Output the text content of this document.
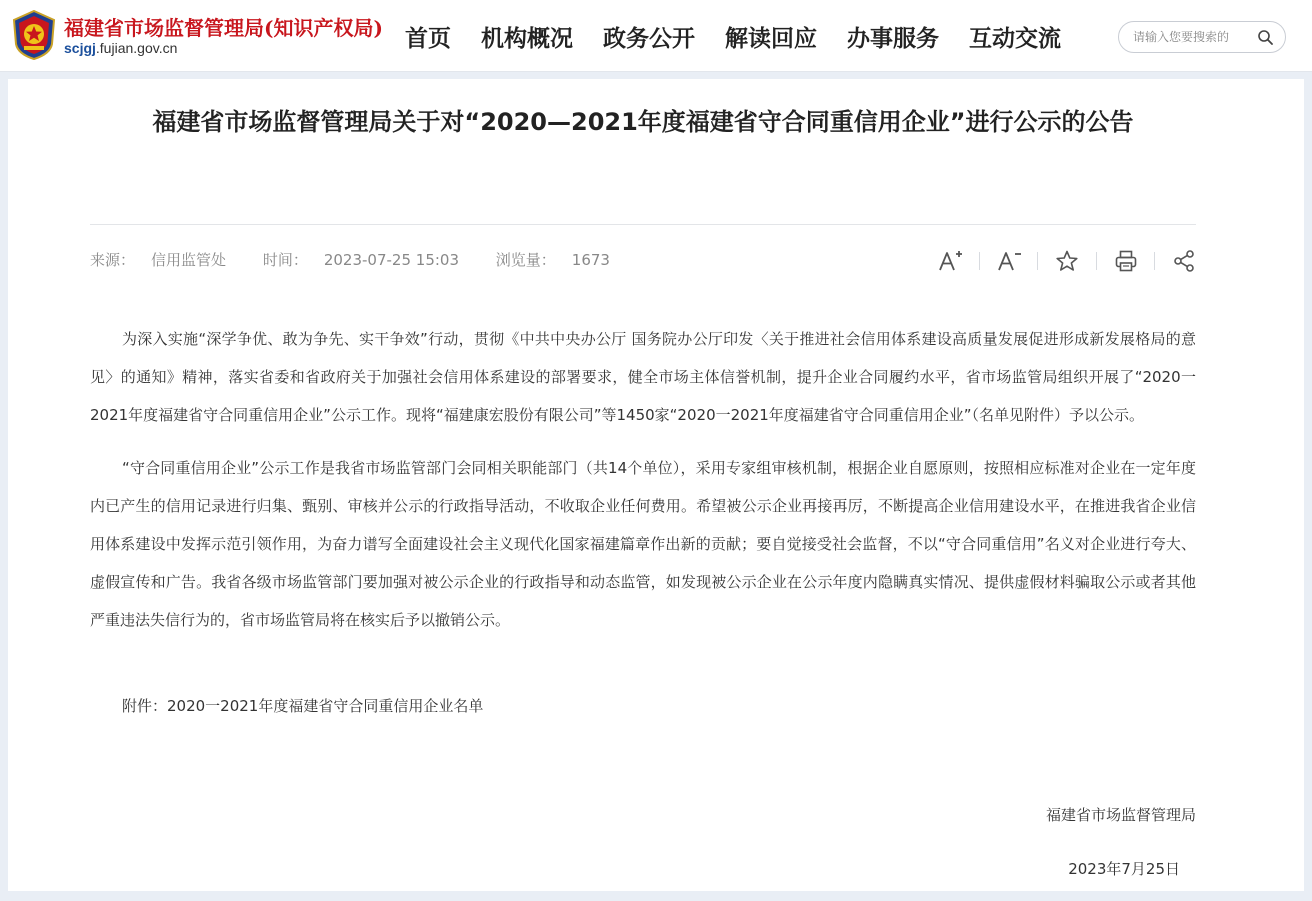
福建省市场监督管理局(知识产权局)
scjgj.fujian.gov.cn	首页 机构概况 政务公开 解读回应 办事服务 互动交流
请输入您要搜索的
福建省市场监督管理局关于对“2020—2021年度福建省守合同重信用企业”进行公示的公告
来源： 信用监管处 时间： 2023-07-25 15:03 浏览量： 1673

为深入实施“深学争优、敢为争先、实干争效”行动，贯彻《中共中央办公厅 国务院办公厅印发〈关于推进社会信用体系建设高质量发展促进形成新发展格局的意见〉的通知》精神，落实省委和省政府关于加强社会信用体系建设的部署要求，健全市场主体信誉机制，提升企业合同履约水平，省市场监管局组织开展了“2020一2021年度福建省守合同重信用企业”公示工作。现将“福建康宏股份有限公司”等1450家“2020一2021年度福建省守合同重信用企业”（名单见附件）予以公示。

“守合同重信用企业”公示工作是我省市场监管部门会同相关职能部门（共14个单位），采用专家组审核机制，根据企业自愿原则，按照相应标准对企业在一定年度内已产生的信用记录进行归集、甄别、审核并公示的行政指导活动，不收取企业任何费用。希望被公示企业再接再厉，不断提高企业信用建设水平，在推进我省企业信用体系建设中发挥示范引领作用，为奋力谱写全面建设社会主义现代化国家福建篇章作出新的贡献；要自觉接受社会监督，不以“守合同重信用”名义对企业进行夸大、虚假宣传和广告。我省各级市场监管部门要加强对被公示企业的行政指导和动态监管，如发现被公示企业在公示年度内隐瞒真实情况、提供虚假材料骗取公示或者其他严重违法失信行为的，省市场监管局将在核实后予以撤销公示。

附件：2020一2021年度福建省守合同重信用企业名单
福建省市场监督管理局
2023年7月25日
